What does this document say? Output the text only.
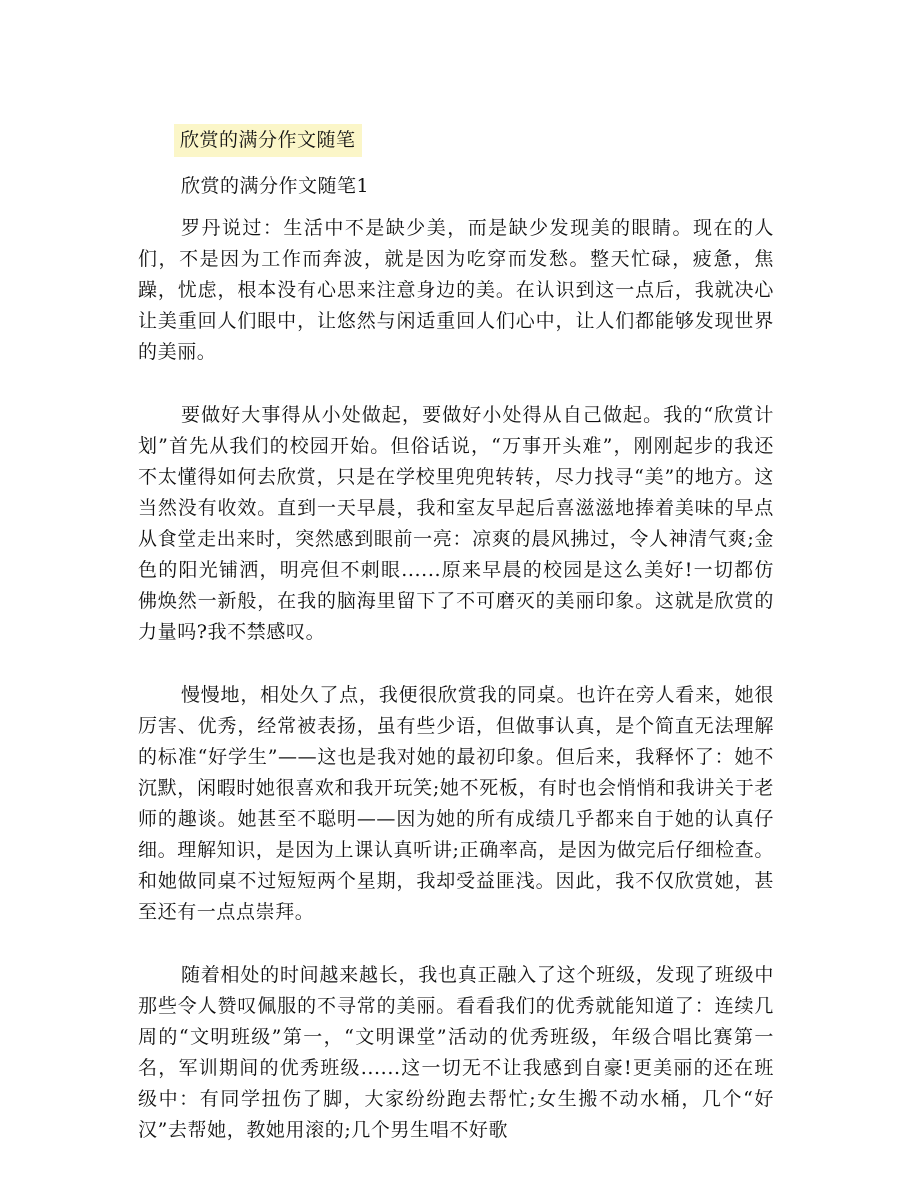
欣赏的满分作文随笔
欣赏的满分作文随笔1

罗丹说过：生活中不是缺少美，而是缺少发现美的眼睛。现在的人们，不是因为工作而奔波，就是因为吃穿而发愁。整天忙碌，疲惫，焦躁，忧虑，根本没有心思来注意身边的美。在认识到这一点后，我就决心让美重回人们眼中，让悠然与闲适重回人们心中，让人们都能够发现世界的美丽。

要做好大事得从小处做起，要做好小处得从自己做起。我的“欣赏计划”首先从我们的校园开始。但俗话说，“万事开头难”，刚刚起步的我还不太懂得如何去欣赏，只是在学校里兜兜转转，尽力找寻“美”的地方。这当然没有收效。直到一天早晨，我和室友早起后喜滋滋地捧着美味的早点从食堂走出来时，突然感到眼前一亮：凉爽的晨风拂过，令人神清气爽;金色的阳光铺洒，明亮但不刺眼......原来早晨的校园是这么美好!一切都仿佛焕然一新般，在我的脑海里留下了不可磨灭的美丽印象。这就是欣赏的力量吗?我不禁感叹。

慢慢地，相处久了点，我便很欣赏我的同桌。也许在旁人看来，她很厉害、优秀，经常被表扬，虽有些少语，但做事认真，是个简直无法理解的标准“好学生”——这也是我对她的最初印象。但后来，我释怀了：她不沉默，闲暇时她很喜欢和我开玩笑;她不死板，有时也会悄悄和我讲关于老师的趣谈。她甚至不聪明——因为她的所有成绩几乎都来自于她的认真仔细。理解知识，是因为上课认真听讲;正确率高，是因为做完后仔细检查。和她做同桌不过短短两个星期，我却受益匪浅。因此，我不仅欣赏她，甚至还有一点点崇拜。

随着相处的时间越来越长，我也真正融入了这个班级，发现了班级中那些令人赞叹佩服的不寻常的美丽。看看我们的优秀就能知道了：连续几周的“文明班级”第一，“文明课堂”活动的优秀班级，年级合唱比赛第一名，军训期间的优秀班级......这一切无不让我感到自豪!更美丽的还在班级中：有同学扭伤了脚，大家纷纷跑去帮忙;女生搬不动水桶，几个“好汉”去帮她，教她用滚的;几个男生唱不好歌
